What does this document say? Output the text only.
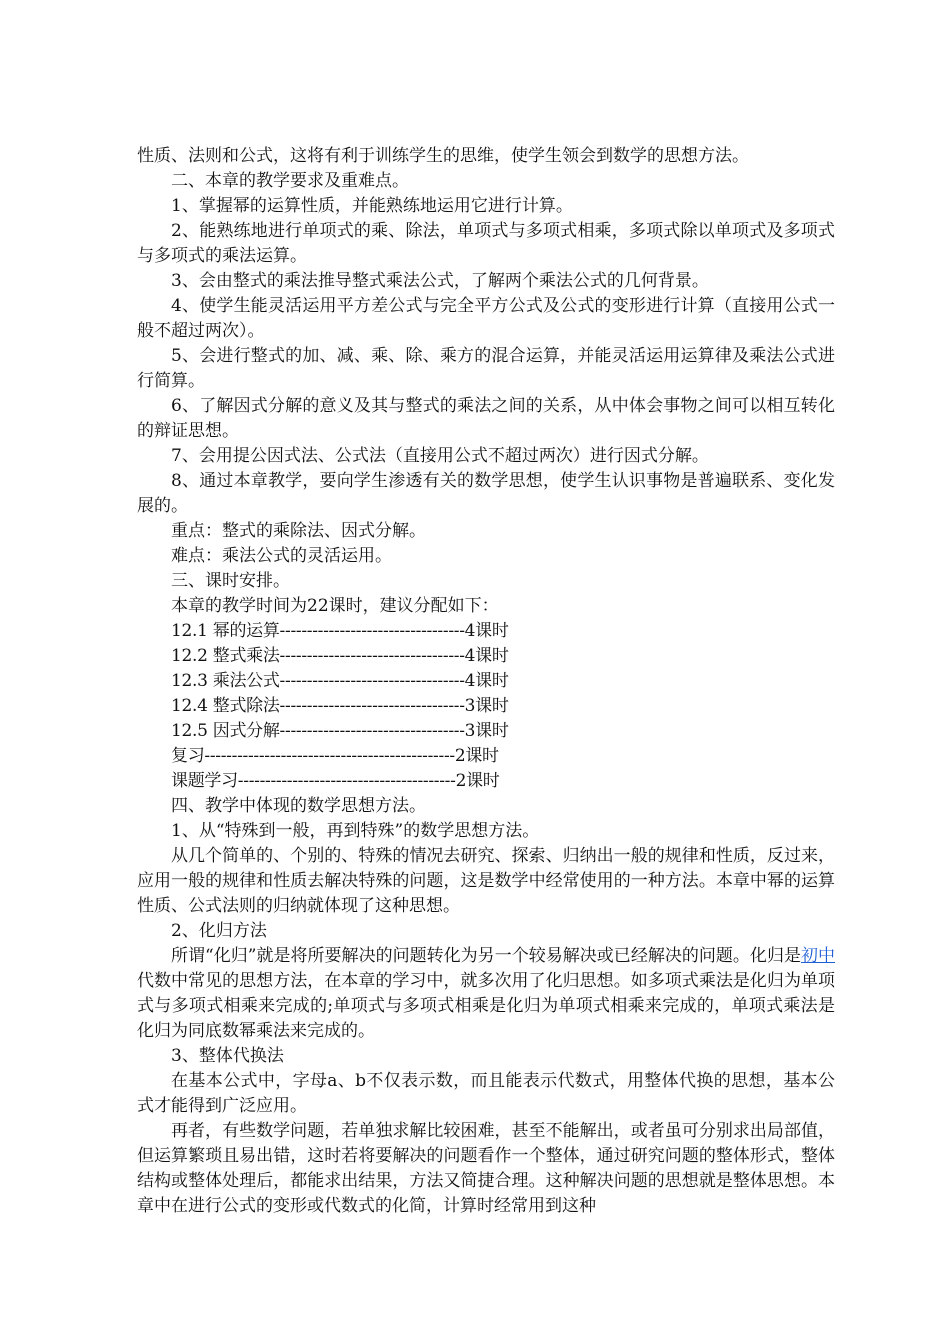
性质、法则和公式，这将有利于训练学生的思维，使学生领会到数学的思想方法。

二、本章的教学要求及重难点。

1、掌握幂的运算性质，并能熟练地运用它进行计算。

2、能熟练地进行单项式的乘、除法，单项式与多项式相乘，多项式除以单项式及多项式与多项式的乘法运算。

3、会由整式的乘法推导整式乘法公式，了解两个乘法公式的几何背景。

4、使学生能灵活运用平方差公式与完全平方公式及公式的变形进行计算（直接用公式一般不超过两次）。

5、会进行整式的加、减、乘、除、乘方的混合运算，并能灵活运用运算律及乘法公式进行简算。

6、了解因式分解的意义及其与整式的乘法之间的关系，从中体会事物之间可以相互转化的辩证思想。

7、会用提公因式法、公式法（直接用公式不超过两次）进行因式分解。

8、通过本章教学，要向学生渗透有关的数学思想，使学生认识事物是普遍联系、变化发展的。

重点：整式的乘除法、因式分解。

难点：乘法公式的灵活运用。

三、课时安排。

本章的教学时间为22课时，建议分配如下：

12.1 幂的运算----------------------------------4课时

12.2 整式乘法----------------------------------4课时

12.3 乘法公式----------------------------------4课时

12.4 整式除法----------------------------------3课时

12.5 因式分解----------------------------------3课时

复习----------------------------------------------2课时

课题学习----------------------------------------2课时

四、教学中体现的数学思想方法。

1、从“特殊到一般，再到特殊”的数学思想方法。

从几个简单的、个别的、特殊的情况去研究、探索、归纳出一般的规律和性质，反过来，应用一般的规律和性质去解决特殊的问题，这是数学中经常使用的一种方法。本章中幂的运算性质、公式法则的归纳就体现了这种思想。

2、化归方法

所谓“化归”就是将所要解决的问题转化为另一个较易解决或已经解决的问题。化归是初中代数中常见的思想方法，在本章的学习中，就多次用了化归思想。如多项式乘法是化归为单项式与多项式相乘来完成的;单项式与多项式相乘是化归为单项式相乘来完成的，单项式乘法是化归为同底数幂乘法来完成的。

3、整体代换法

在基本公式中，字母a、b不仅表示数，而且能表示代数式，用整体代换的思想，基本公式才能得到广泛应用。

再者，有些数学问题，若单独求解比较困难，甚至不能解出，或者虽可分别求出局部值，但运算繁琐且易出错，这时若将要解决的问题看作一个整体，通过研究问题的整体形式，整体结构或整体处理后，都能求出结果，方法又简捷合理。这种解决问题的思想就是整体思想。本章中在进行公式的变形或代数式的化简，计算时经常用到这种
